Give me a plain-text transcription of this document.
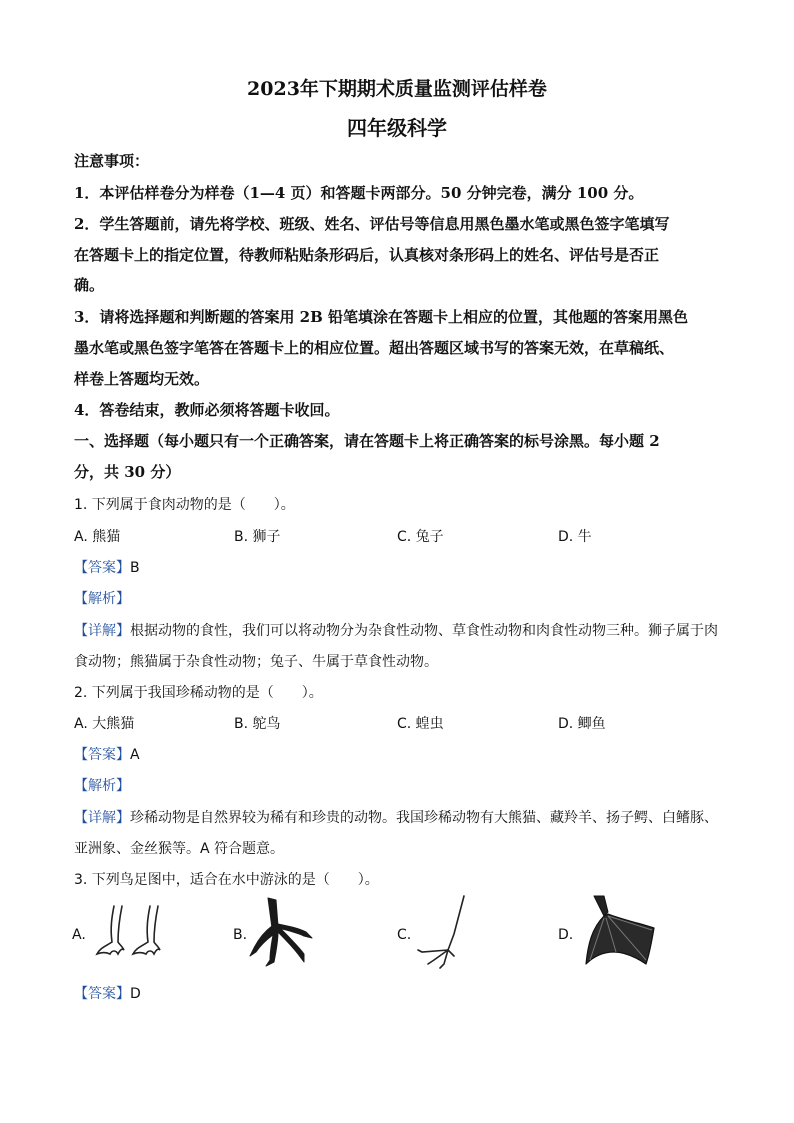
2023年下期期术质量监测评估样卷
四年级科学
注意事项：
1．本评估样卷分为样卷（1—4 页）和答题卡两部分。50 分钟完卷，满分 100 分。
2．学生答题前，请先将学校、班级、姓名、评估号等信息用黑色墨水笔或黑色签字笔填写
在答题卡上的指定位置，待教师粘贴条形码后，认真核对条形码上的姓名、评估号是否正
确。
3．请将选择题和判断题的答案用 2B 铅笔填涂在答题卡上相应的位置，其他题的答案用黑色
墨水笔或黑色签字笔答在答题卡上的相应位置。超出答题区域书写的答案无效，在草稿纸、
样卷上答题均无效。
4．答卷结束，教师必须将答题卡收回。
一、选择题（每小题只有一个正确答案，请在答题卡上将正确答案的标号涂黑。每小题 2
分，共 30 分）
1. 下列属于食肉动物的是（　　）。
A. 熊猫	B. 狮子	C. 兔子	D. 牛
【答案】B
【解析】
【详解】根据动物的食性，我们可以将动物分为杂食性动物、草食性动物和肉食性动物三种。狮子属于肉
食动物；熊猫属于杂食性动物；兔子、牛属于草食性动物。
2. 下列属于我国珍稀动物的是（　　）。
A. 大熊猫	B. 鸵鸟	C. 蝗虫	D. 鲫鱼
【答案】A
【解析】
【详解】珍稀动物是自然界较为稀有和珍贵的动物。我国珍稀动物有大熊猫、藏羚羊、扬子鳄、白鳍豚、
亚洲象、金丝猴等。A 符合题意。
3. 下列鸟足图中，适合在水中游泳的是（　　）。
A.	B.	C.	D.
【答案】D
